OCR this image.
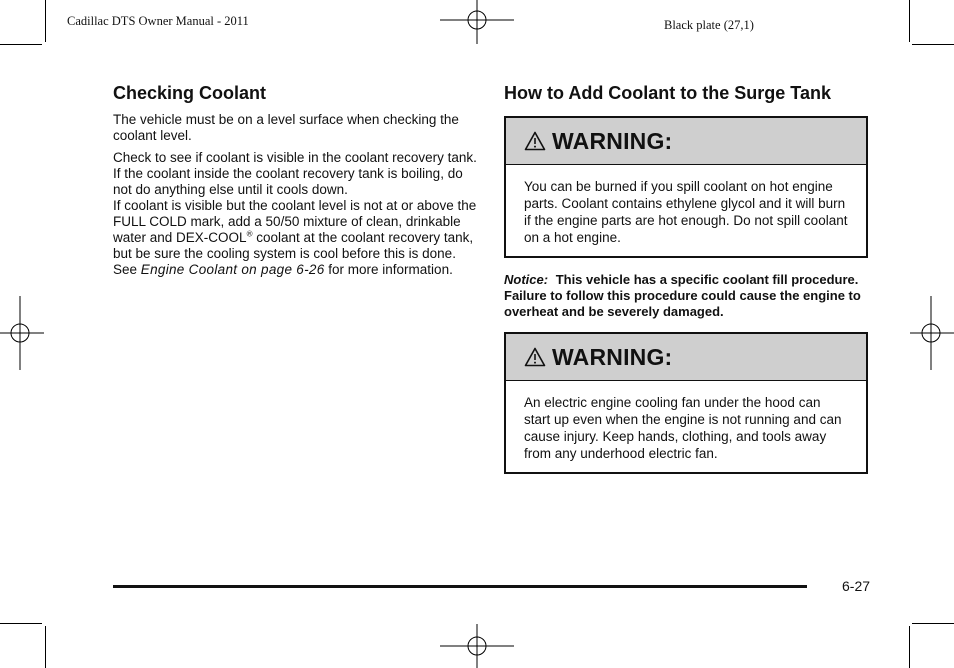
Cadillac DTS Owner Manual - 2011	Black plate (27,1)
Checking Coolant

The vehicle must be on a level surface when checking the coolant level.

Check to see if coolant is visible in the coolant recovery tank. If the coolant inside the coolant recovery tank is boiling, do not do anything else until it cools down.

If coolant is visible but the coolant level is not at or above the FULL COLD mark, add a 50/50 mixture of clean, drinkable water and DEX-COOL® coolant at the coolant recovery tank, but be sure the cooling system is cool before this is done. See Engine Coolant on page 6-26 for more information.

How to Add Coolant to the Surge Tank
WARNING:
You can be burned if you spill coolant on hot engine parts. Coolant contains ethylene glycol and it will burn if the engine parts are hot enough. Do not spill coolant on a hot engine.
Notice: This vehicle has a specific coolant fill procedure. Failure to follow this procedure could cause the engine to overheat and be severely damaged.
WARNING:
An electric engine cooling fan under the hood can start up even when the engine is not running and can cause injury. Keep hands, clothing, and tools away from any underhood electric fan.
6-27
